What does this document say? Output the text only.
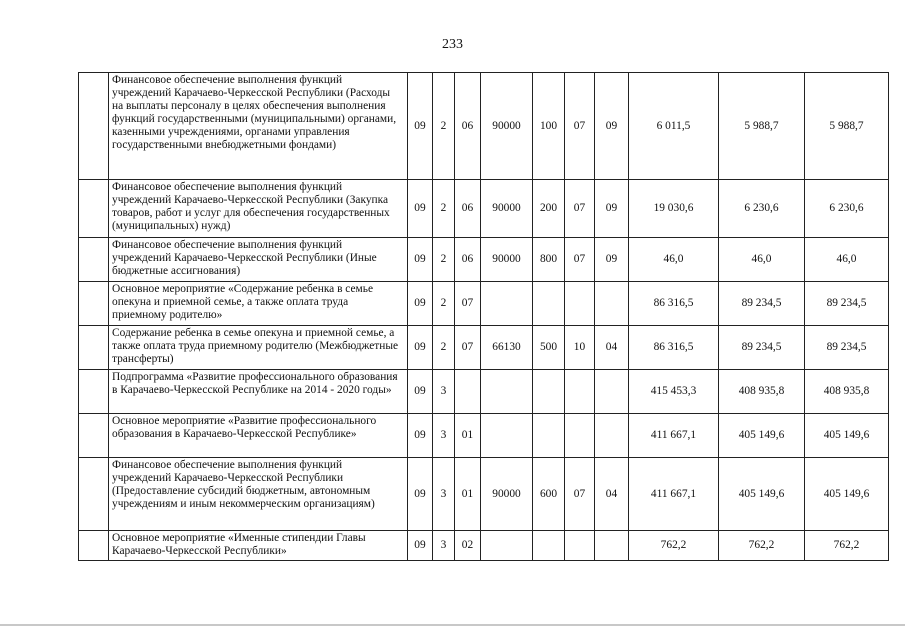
233
	Финансовое обеспечение выполнения функций учреждений Карачаево-Черкесской Республики (Расходы на выплаты персоналу в целях обеспечения выполнения функций государственными (муниципальными) органами, казенными учреждениями, органами управления государственными внебюджетными фондами)	09	2	06	90000	100	07	09	6 011,5	5 988,7	5 988,7
	Финансовое обеспечение выполнения функций учреждений Карачаево-Черкесской Республики (Закупка товаров, работ и услуг для обеспечения государственных (муниципальных) нужд)	09	2	06	90000	200	07	09	19 030,6	6 230,6	6 230,6
	Финансовое обеспечение выполнения функций учреждений Карачаево-Черкесской Республики (Иные бюджетные ассигнования)	09	2	06	90000	800	07	09	46,0	46,0	46,0
	Основное мероприятие «Содержание ребенка в семье опекуна и приемной семье, а также оплата труда приемному родителю»	09	2	07					86 316,5	89 234,5	89 234,5
	Содержание ребенка в семье опекуна и приемной семье, а также оплата труда приемному родителю (Межбюджетные трансферты)	09	2	07	66130	500	10	04	86 316,5	89 234,5	89 234,5
	Подпрограмма «Развитие профессионального образования в Карачаево-Черкесской Республике на 2014 - 2020 годы»	09	3						415 453,3	408 935,8	408 935,8
	Основное мероприятие «Развитие профессионального образования в Карачаево-Черкесской Республике»	09	3	01					411 667,1	405 149,6	405 149,6
	Финансовое обеспечение выполнения функций учреждений Карачаево-Черкесской Республики (Предоставление субсидий бюджетным, автономным учреждениям и иным некоммерческим организациям)	09	3	01	90000	600	07	04	411 667,1	405 149,6	405 149,6
	Основное мероприятие «Именные стипендии Главы Карачаево-Черкесской Республики»	09	3	02					762,2	762,2	762,2
